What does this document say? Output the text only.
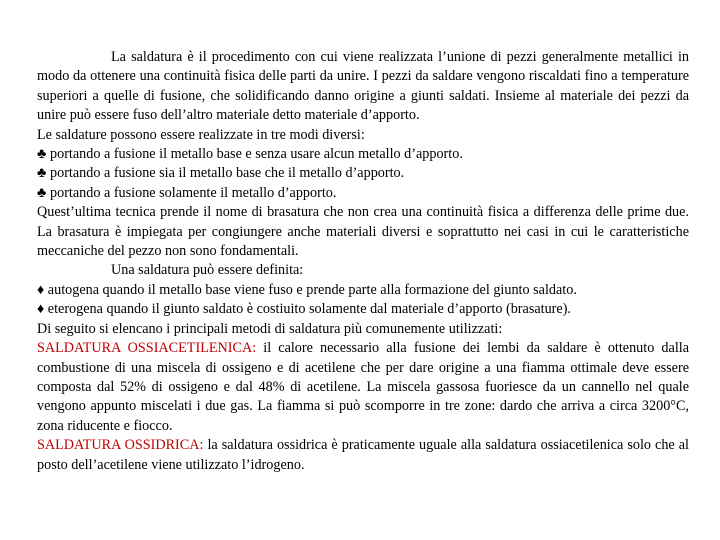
La saldatura è il procedimento con cui viene realizzata l’unione di pezzi generalmente metallici in modo da ottenere una continuità fisica delle parti da unire. I pezzi da saldare vengono riscaldati fino a temperature superiori a quelle di fusione, che solidificando danno origine a giunti saldati. Insieme al materiale dei pezzi da unire può essere fuso dell’altro materiale detto materiale d’apporto.

Le saldature possono essere realizzate in tre modi diversi:

♣ portando a fusione il metallo base e senza usare alcun metallo d’apporto.

♣ portando a fusione sia il metallo base che il metallo d’apporto.

♣ portando a fusione solamente il metallo d’apporto.

Quest’ultima tecnica prende il nome di brasatura che non crea una continuità fisica a differenza delle prime due. La brasatura è impiegata per congiungere anche materiali diversi e soprattutto nei casi in cui le caratteristiche meccaniche del pezzo non sono fondamentali.

Una saldatura può essere definita:

♦ autogena quando il metallo base viene fuso e prende parte alla formazione del giunto saldato.

♦ eterogena quando il giunto saldato è costiuito solamente dal materiale d’apporto (brasature).

Di seguito si elencano i principali metodi di saldatura più comunemente utilizzati:

SALDATURA OSSIACETILENICA: il calore necessario alla fusione dei lembi da saldare è ottenuto dalla combustione di una miscela di ossigeno e di acetilene che per dare origine a una fiamma ottimale deve essere composta dal 52% di ossigeno e dal 48% di acetilene. La miscela gassosa fuoriesce da un cannello nel quale vengono appunto miscelati i due gas. La fiamma si può scomporre in tre zone: dardo che arriva a circa 3200°C, zona riducente e fiocco.

SALDATURA OSSIDRICA: la saldatura ossidrica è praticamente uguale alla saldatura ossiacetilenica solo che al posto dell’acetilene viene utilizzato l’idrogeno.
